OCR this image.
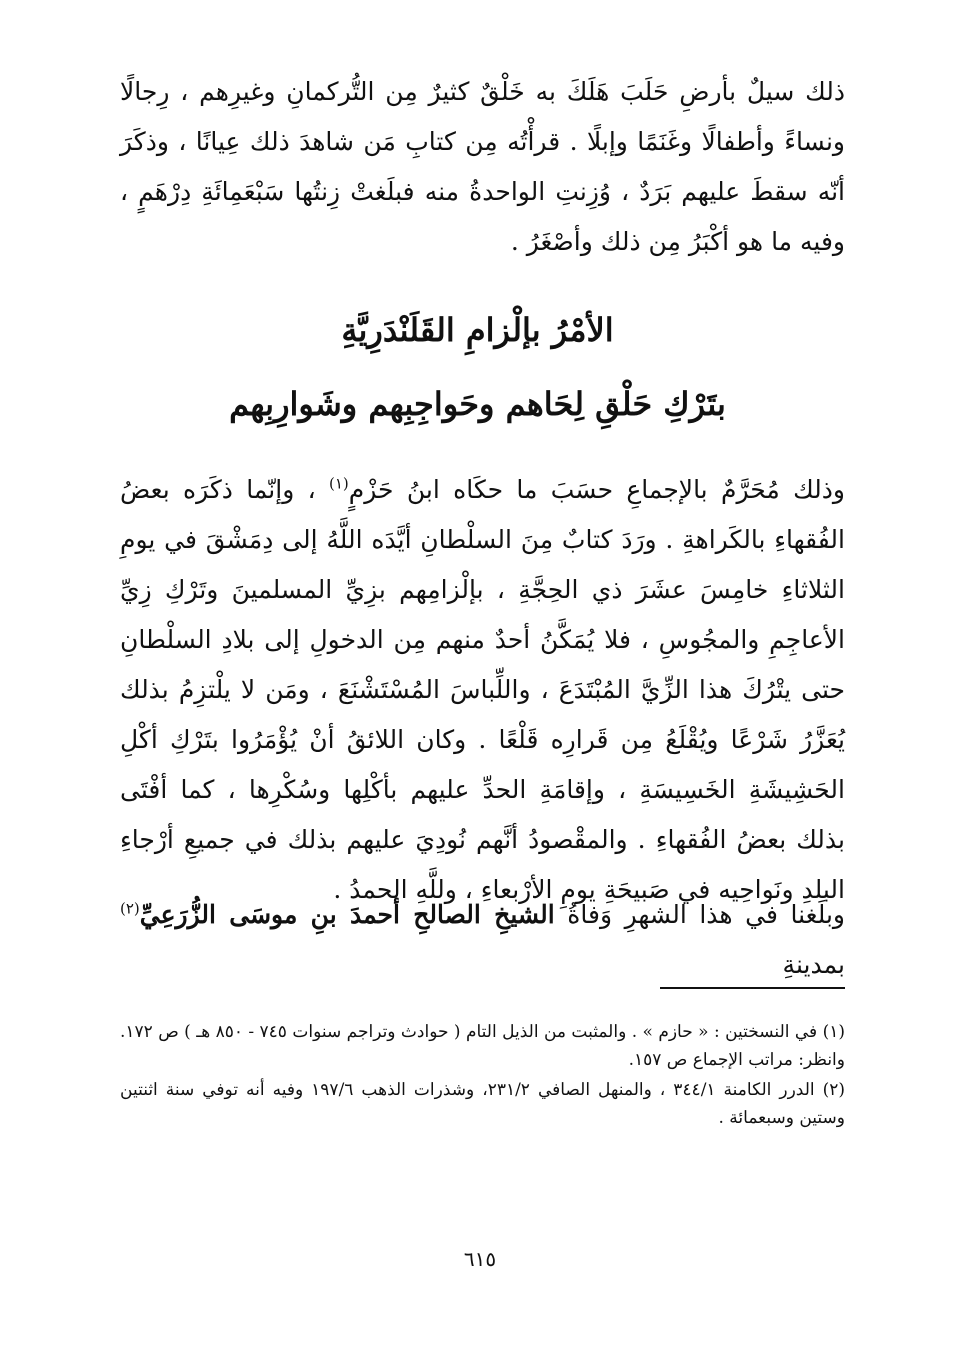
ذلك سيلٌ بأرضِ حَلَبَ هَلَكَ به خَلْقٌ كثيرٌ مِن التُّركمانِ وغيرِهم ، رِجالًا ونساءً وأطفالًا وغَنَمًا وإبلًا . قرأْتُه مِن كتابِ مَن شاهدَ ذلك عِيانًا ، وذكَرَ أنّه سقطَ عليهم بَرَدٌ ، وُزِنتِ الواحدةُ منه فبلَغتْ زِنتُها سَبْعَمِائَةِ دِرْهَمٍ ، وفيه ما هو أكْبَرُ مِن ذلك وأصْغَرُ .
الأمْرُ بإلْزامِ القَلَنْدَرِيَّةِ
بتَرْكِ حَلْقِ لِحَاهم وحَواجِبِهم وشَوارِبِهم
وذلك مُحَرَّمٌ بالإجماعِ حسَبَ ما حكَاه ابنُ حَزْمٍ$^{(١)}$ ، وإنّما ذكَرَه بعضُ الفُقهاءِ بالكَراهةِ . ورَدَ كتابٌ مِنَ السلْطانِ أيَّدَه اللَّهُ إلى دِمَشْقَ في يومِ الثلاثاءِ خامِسَ عشَرَ ذي الحِجَّةِ ، بإلْزامِهم بزِيِّ المسلمينَ وتَرْكِ زِيِّ الأعاجِمِ والمجُوسِ ، فلا يُمَكَّنُ أحدٌ منهم مِن الدخولِ إلى بلادِ السلْطانِ حتى يتْرُكَ هذا الزِّيَّ المُبْتَدَعَ ، واللِّباسَ المُسْتَشْنَعَ ، ومَن لا يلْتزِمُ بذلك يُعَزَّرُ شَرْعًا ويُقْلَعُ مِن قَرارِه قَلْعًا . وكان اللائقُ أنْ يُؤْمَرُوا بتَرْكِ أكْلِ الحَشِيشَةِ الخَسِيسَةِ ، وإقامَةِ الحدِّ عليهم بأكْلِها وسُكْرِها ، كما أفْتَى بذلك بعضُ الفُقهاءِ . والمقْصودُ أنَّهم نُودِيَ عليهم بذلك في جميعِ أرْجاءِ البلدِ ونَواحِيه في صَبيحَةِ يومِ الأرْبعاءِ ، وللَّهِ الحمدُ .
وبلَغنا في هذا الشهرِ وَفاةُ الشيخِ الصالحِ أحمدَ بنِ موسَى الزُّرَعِيِّ$^{(٢)}$ بمدينةِ

(١) في النسختين : « حازم » . والمثبت من الذيل التام ( حوادث وتراجم سنوات ٧٤٥ - ٨٥٠ هـ ) ص ١٧٢. وانظر: مراتب الإجماع ص ١٥٧.

(٢) الدرر الكامنة ٣٤٤/١ ، والمنهل الصافي ٢٣١/٢، وشذرات الذهب ١٩٧/٦ وفيه أنه توفي سنة اثنتين وستين وسبعمائة .

٦١٥
